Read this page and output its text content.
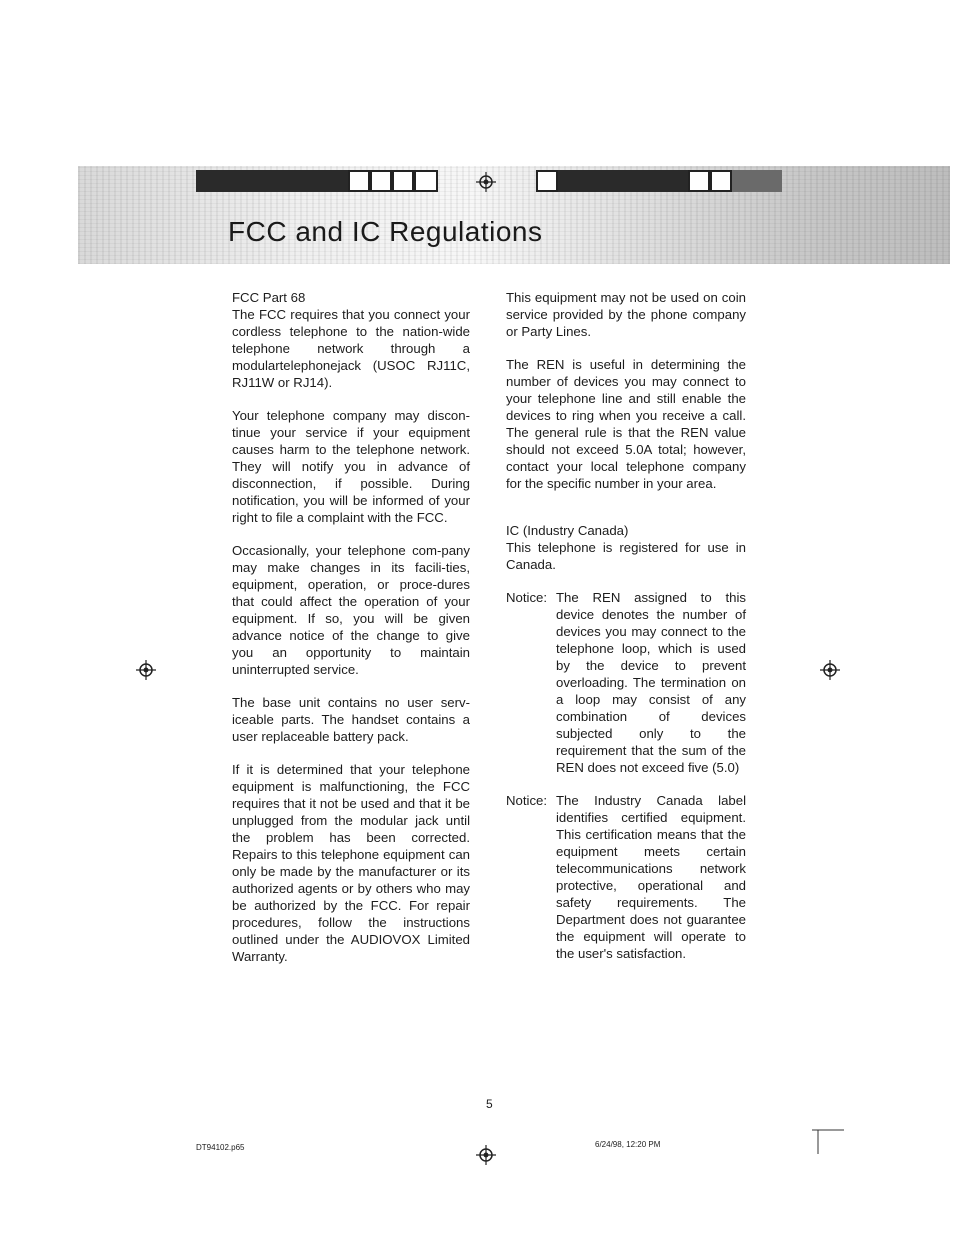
FCC and IC Regulations
FCC Part 68

The FCC requires that you connect your cordless telephone to the nation-wide telephone network through a modulartelephonejack (USOC RJ11C, RJ11W or RJ14).

Your telephone company may discon-tinue your service if your equipment causes harm to the telephone network. They will notify you in advance of disconnection, if possible. During notification, you will be informed of your right to file a complaint with the FCC.

Occasionally, your telephone com-pany may make changes in its facili-ties, equipment, operation, or proce-dures that could affect the operation of your equipment. If so, you will be given advance notice of the change to give you an opportunity to maintain uninterrupted service.

The base unit contains no user serv-iceable parts. The handset contains a user replaceable battery pack.

If it is determined that your telephone equipment is malfunctioning, the FCC requires that it not be used and that it be unplugged from the modular jack until the problem has been corrected. Repairs to this telephone equipment can only be made by the manufacturer or its authorized agents or by others who may be authorized by the FCC. For repair procedures, follow the instructions outlined under the AUDIOVOX Limited Warranty.

This equipment may not be used on coin service provided by the phone company or Party Lines.

The REN is useful in determining the number of devices you may connect to your telephone line and still enable the devices to ring when you receive a call. The general rule is that the REN value should not exceed 5.0A total; however, contact your local telephone company for the specific number in your area.

IC (Industry Canada)

This telephone is registered for use in Canada.

Notice: The REN assigned to this device denotes the number of devices you may connect to the telephone loop, which is used by the device to prevent overloading. The termination on a loop may consist of any combination of devices subjected only to the requirement that the sum of the REN does not exceed five (5.0)
Notice: The Industry Canada label identifies certified equipment. This certification means that the equipment meets certain telecommunications network protective, operational and safety requirements. The Department does not guarantee the equipment will operate to the user's satisfaction.
5
DT94102.p65	6/24/98, 12:20 PM
